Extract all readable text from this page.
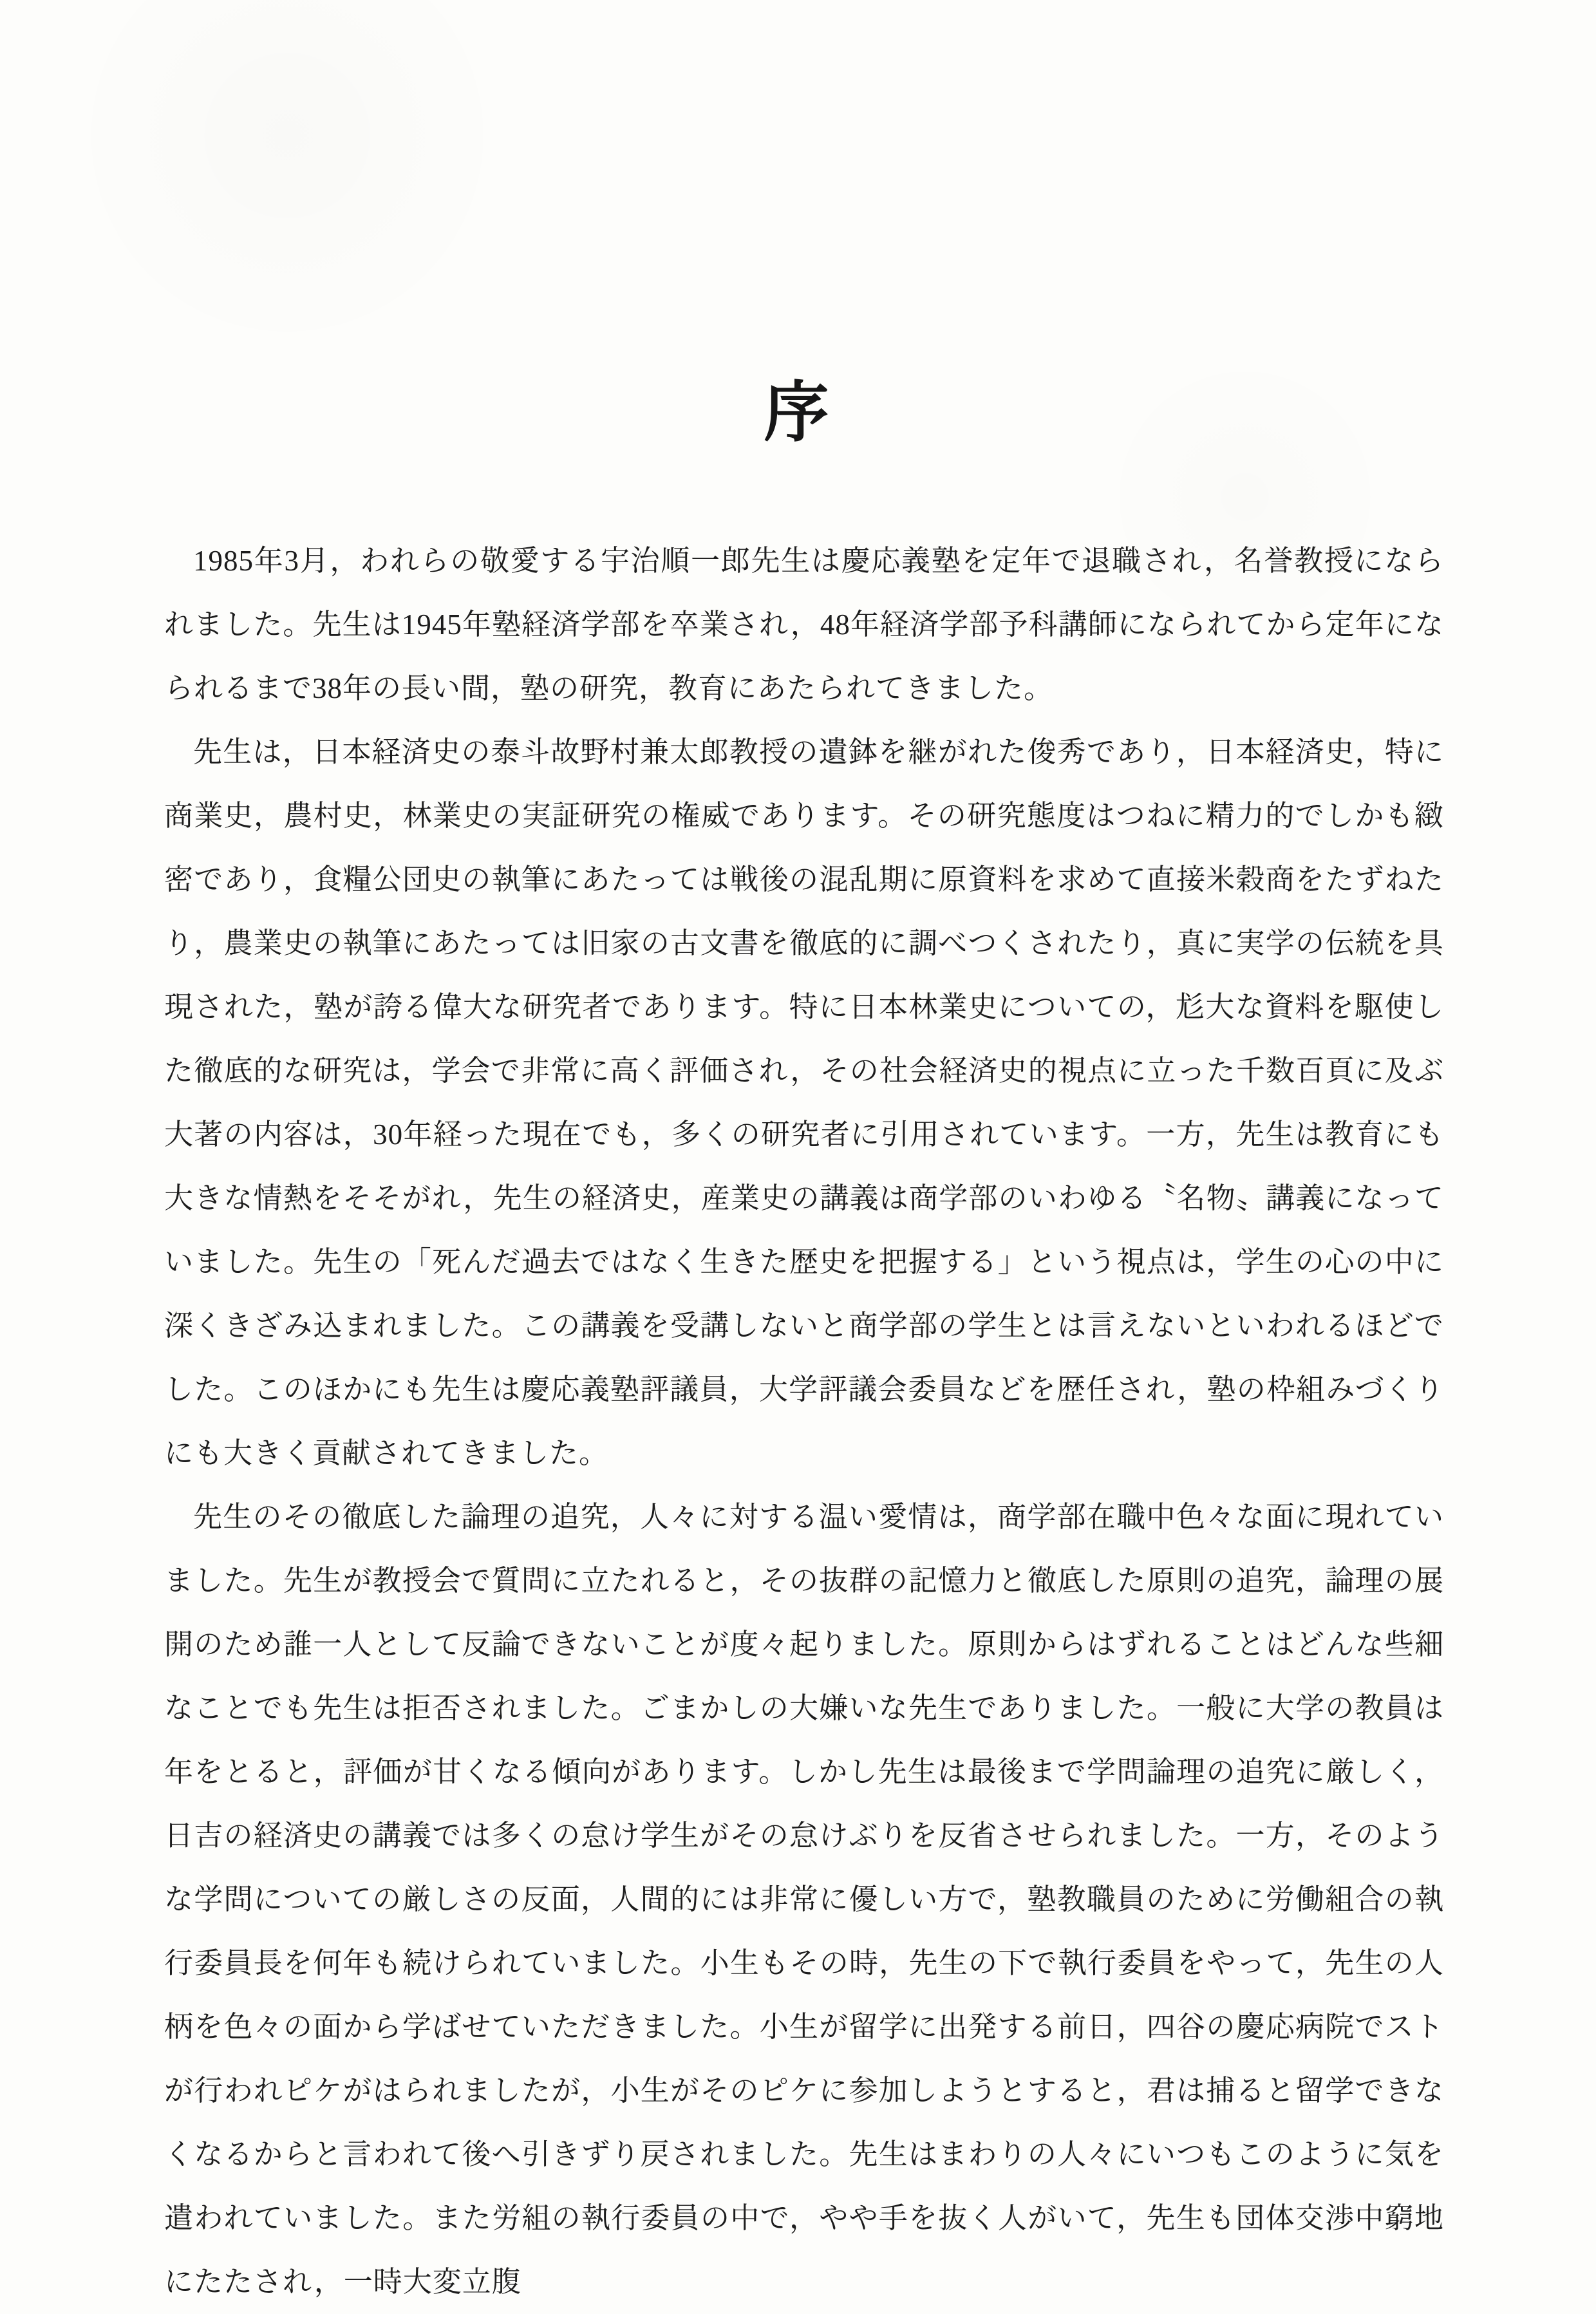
序

1985年3月，われらの敬愛する宇治順一郎先生は慶応義塾を定年で退職され，名誉教授になられました。先生は1945年塾経済学部を卒業され，48年経済学部予科講師になられてから定年になられるまで38年の長い間，塾の研究，教育にあたられてきました。

先生は，日本経済史の泰斗故野村兼太郎教授の遺鉢を継がれた俊秀であり，日本経済史，特に商業史，農村史，林業史の実証研究の権威であります。その研究態度はつねに精力的でしかも緻密であり，食糧公団史の執筆にあたっては戦後の混乱期に原資料を求めて直接米穀商をたずねたり，農業史の執筆にあたっては旧家の古文書を徹底的に調べつくされたり，真に実学の伝統を具現された，塾が誇る偉大な研究者であります。特に日本林業史についての，尨大な資料を駆使した徹底的な研究は，学会で非常に高く評価され，その社会経済史的視点に立った千数百頁に及ぶ大著の内容は，30年経った現在でも，多くの研究者に引用されています。一方，先生は教育にも大きな情熱をそそがれ，先生の経済史，産業史の講義は商学部のいわゆる〝名物〟講義になっていました。先生の「死んだ過去ではなく生きた歴史を把握する」という視点は，学生の心の中に深くきざみ込まれました。この講義を受講しないと商学部の学生とは言えないといわれるほどでした。このほかにも先生は慶応義塾評議員，大学評議会委員などを歴任され，塾の枠組みづくりにも大きく貢献されてきました。

先生のその徹底した論理の追究，人々に対する温い愛情は，商学部在職中色々な面に現れていました。先生が教授会で質問に立たれると，その抜群の記憶力と徹底した原則の追究，論理の展開のため誰一人として反論できないことが度々起りました。原則からはずれることはどんな些細なことでも先生は拒否されました。ごまかしの大嫌いな先生でありました。一般に大学の教員は年をとると，評価が甘くなる傾向があります。しかし先生は最後まで学問論理の追究に厳しく，日吉の経済史の講義では多くの怠け学生がその怠けぶりを反省させられました。一方，そのような学問についての厳しさの反面，人間的には非常に優しい方で，塾教職員のために労働組合の執行委員長を何年も続けられていました。小生もその時，先生の下で執行委員をやって，先生の人柄を色々の面から学ばせていただきました。小生が留学に出発する前日，四谷の慶応病院でストが行われピケがはられましたが，小生がそのピケに参加しようとすると，君は捕ると留学できなくなるからと言われて後へ引きずり戻されました。先生はまわりの人々にいつもこのように気を遣われていました。また労組の執行委員の中で，やや手を抜く人がいて，先生も団体交渉中窮地にたたされ，一時大変立腹
